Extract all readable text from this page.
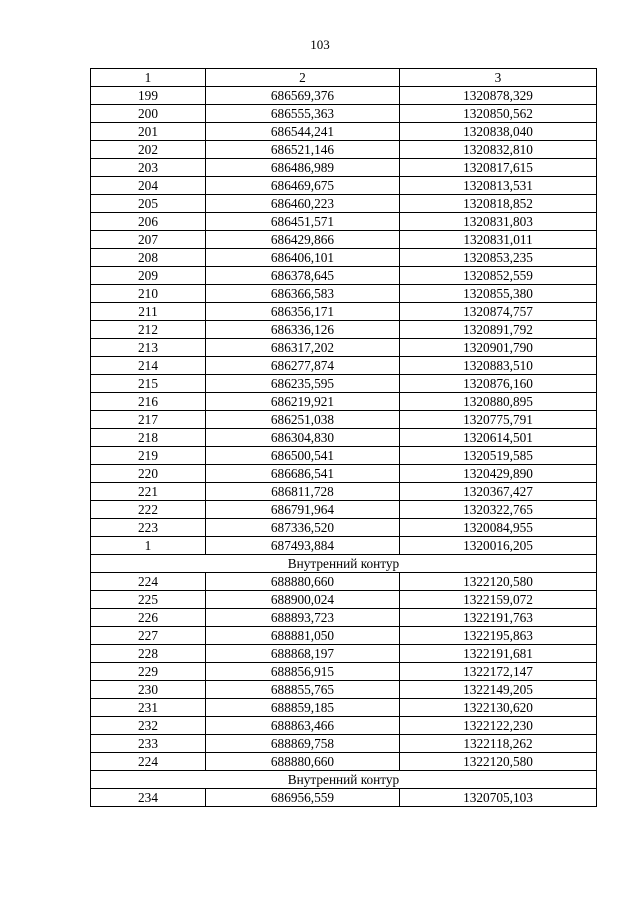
103
1	2	3
199	686569,376	1320878,329
200	686555,363	1320850,562
201	686544,241	1320838,040
202	686521,146	1320832,810
203	686486,989	1320817,615
204	686469,675	1320813,531
205	686460,223	1320818,852
206	686451,571	1320831,803
207	686429,866	1320831,011
208	686406,101	1320853,235
209	686378,645	1320852,559
210	686366,583	1320855,380
211	686356,171	1320874,757
212	686336,126	1320891,792
213	686317,202	1320901,790
214	686277,874	1320883,510
215	686235,595	1320876,160
216	686219,921	1320880,895
217	686251,038	1320775,791
218	686304,830	1320614,501
219	686500,541	1320519,585
220	686686,541	1320429,890
221	686811,728	1320367,427
222	686791,964	1320322,765
223	687336,520	1320084,955
1	687493,884	1320016,205
Внутренний контур		
224	688880,660	1322120,580
225	688900,024	1322159,072
226	688893,723	1322191,763
227	688881,050	1322195,863
228	688868,197	1322191,681
229	688856,915	1322172,147
230	688855,765	1322149,205
231	688859,185	1322130,620
232	688863,466	1322122,230
233	688869,758	1322118,262
224	688880,660	1322120,580
Внутренний контур		
234	686956,559	1320705,103
